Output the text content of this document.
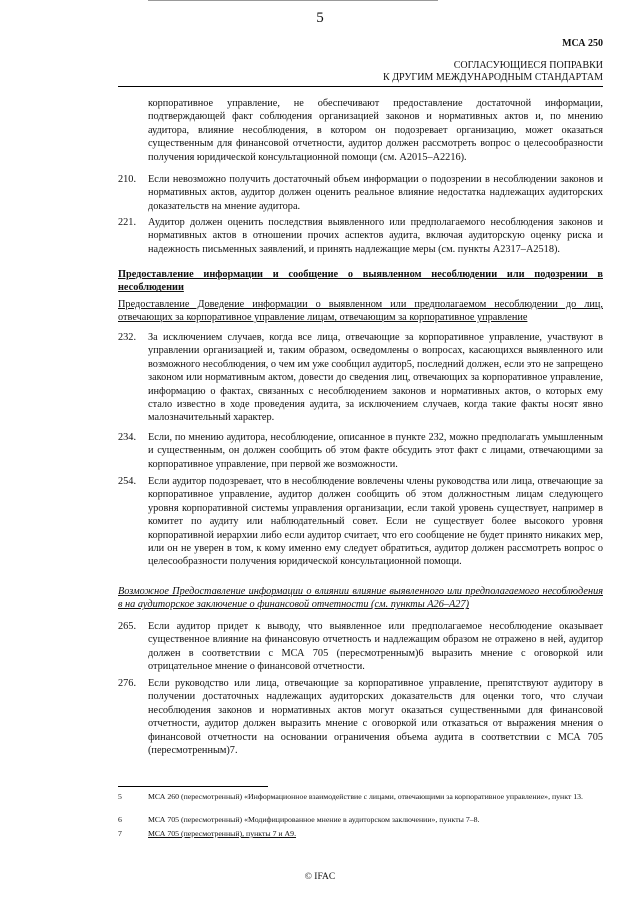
5
МСА 250
СОГЛАСУЮЩИЕСЯ ПОПРАВКИ
К ДРУГИМ МЕЖДУНАРОДНЫМ СТАНДАРТАМ
корпоративное управление, не обеспечивают предоставление достаточной информации, подтверждающей факт соблюдения организацией законов и нормативных актов и, по мнению аудитора, влияние несоблюдения, в котором он подозревает организацию, может оказаться существенным для финансовой отчетности, аудитор должен рассмотреть вопрос о целесообразности получения юридической консультационной помощи (см. А2015–А2216).
210. Если невозможно получить достаточный объем информации о подозрении в несоблюдении законов и нормативных актов, аудитор должен оценить реальное влияние недостатка надлежащих аудиторских доказательств на мнение аудитора.
221. Аудитор должен оценить последствия выявленного или предполагаемого несоблюдения законов и нормативных актов в отношении прочих аспектов аудита, включая аудиторскую оценку риска и надежность письменных заявлений, и принять надлежащие меры (см. пункты А2317–А2518).
Предоставление информации и сообщение о выявленном несоблюдении или подозрении в несоблюдении
Предоставление Доведение информации о выявленном или предполагаемом несоблюдении до лиц, отвечающих за корпоративное управление лицам, отвечающим за корпоративное управление
232. За исключением случаев, когда все лица, отвечающие за корпоративное управление, участвуют в управлении организацией и, таким образом, осведомлены о вопросах, касающихся выявленного или возможного несоблюдения, о чем им уже сообщил аудитор5, последний должен, если это не запрещено законом или нормативным актом, довести до сведения лиц, отвечающих за корпоративное управление, информацию о фактах, связанных с несоблюдением законов и нормативных актов, о которых ему стало известно в ходе проведения аудита, за исключением случаев, когда такие факты носят явно малозначительный характер.
234. Если, по мнению аудитора, несоблюдение, описанное в пункте 232, можно предполагать умышленным и существенным, он должен сообщить об этом факте обсудить этот факт с лицами, отвечающими за корпоративное управление, при первой же возможности.
254. Если аудитор подозревает, что в несоблюдение вовлечены члены руководства или лица, отвечающие за корпоративное управление, аудитор должен сообщить об этом должностным лицам следующего уровня корпоративной системы управления организации, если такой уровень существует, например в комитет по аудиту или наблюдательный совет. Если не существует более высокого уровня корпоративной иерархии либо если аудитор считает, что его сообщение не будет принято никаких мер, или он не уверен в том, к кому именно ему следует обратиться, аудитор должен рассмотреть вопрос о целесообразности получения юридической консультационной помощи.
Возможное Предоставление информации о влиянии влияние выявленного или предполагаемого несоблюдения в на аудиторское заключение о финансовой отчетности (см. пункты А26–А27)
265. Если аудитор придет к выводу, что выявленное или предполагаемое несоблюдение оказывает существенное влияние на финансовую отчетность и надлежащим образом не отражено в ней, аудитор должен в соответствии с МСА 705 (пересмотренным)6 выразить мнение с оговоркой или отрицательное мнение о финансовой отчетности.
276. Если руководство или лица, отвечающие за корпоративное управление, препятствуют аудитору в получении достаточных надлежащих аудиторских доказательств для оценки того, что случаи несоблюдения законов и нормативных актов могут оказаться существенными для финансовой отчетности, аудитор должен выразить мнение с оговоркой или отказаться от выражения мнения о финансовой отчетности на основании ограничения объема аудита в соответствии с МСА 705 (пересмотренным)7.
5	МСА 260 (пересмотренный) «Информационное взаимодействие с лицами, отвечающими за корпоративное управление», пункт 13.
6	МСА 705 (пересмотренный) «Модифицированное мнение в аудиторском заключении», пункты 7–8.
7	МСА 705 (пересмотренный), пункты 7 и А9.
© IFAC
